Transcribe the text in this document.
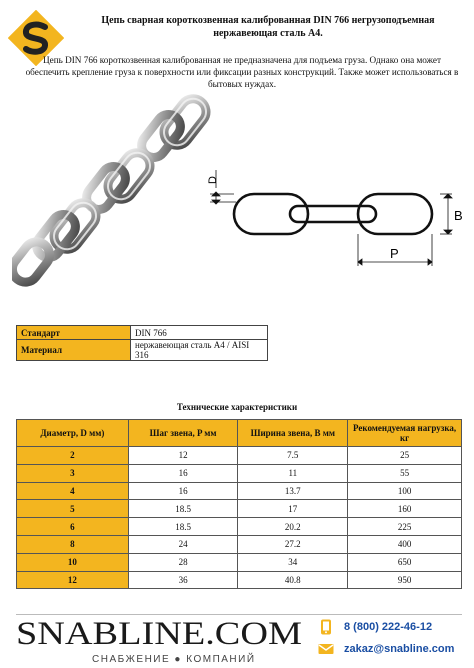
Цепь сварная короткозвенная калиброванная DIN 766 негрузоподъемная нержавеющая сталь А4.
Цепь DIN 766 короткозвенная калиброванная не предназначена для подъема груза. Однако она может обеспечить крепление груза к поверхности или фиксации разных конструкций. Также может использоваться в бытовых нуждах.
D
B
P
Стандарт	DIN 766
Материал	нержавеющая сталь А4 / AISI 316
Технические характеристики
Диаметр, D мм)	Шаг звена, P мм	Ширина звена, B мм	Рекомендуемая нагрузка, кг
2	12	7.5	25
3	16	11	55
4	16	13.7	100
5	18.5	17	160
6	18.5	20.2	225
8	24	27.2	400
10	28	34	650
12	36	40.8	950
SNABLINE.COM
СНАБЖЕНИЕ ● КОМПАНИЙ
8 (800) 222-46-12
zakaz@snabline.com
